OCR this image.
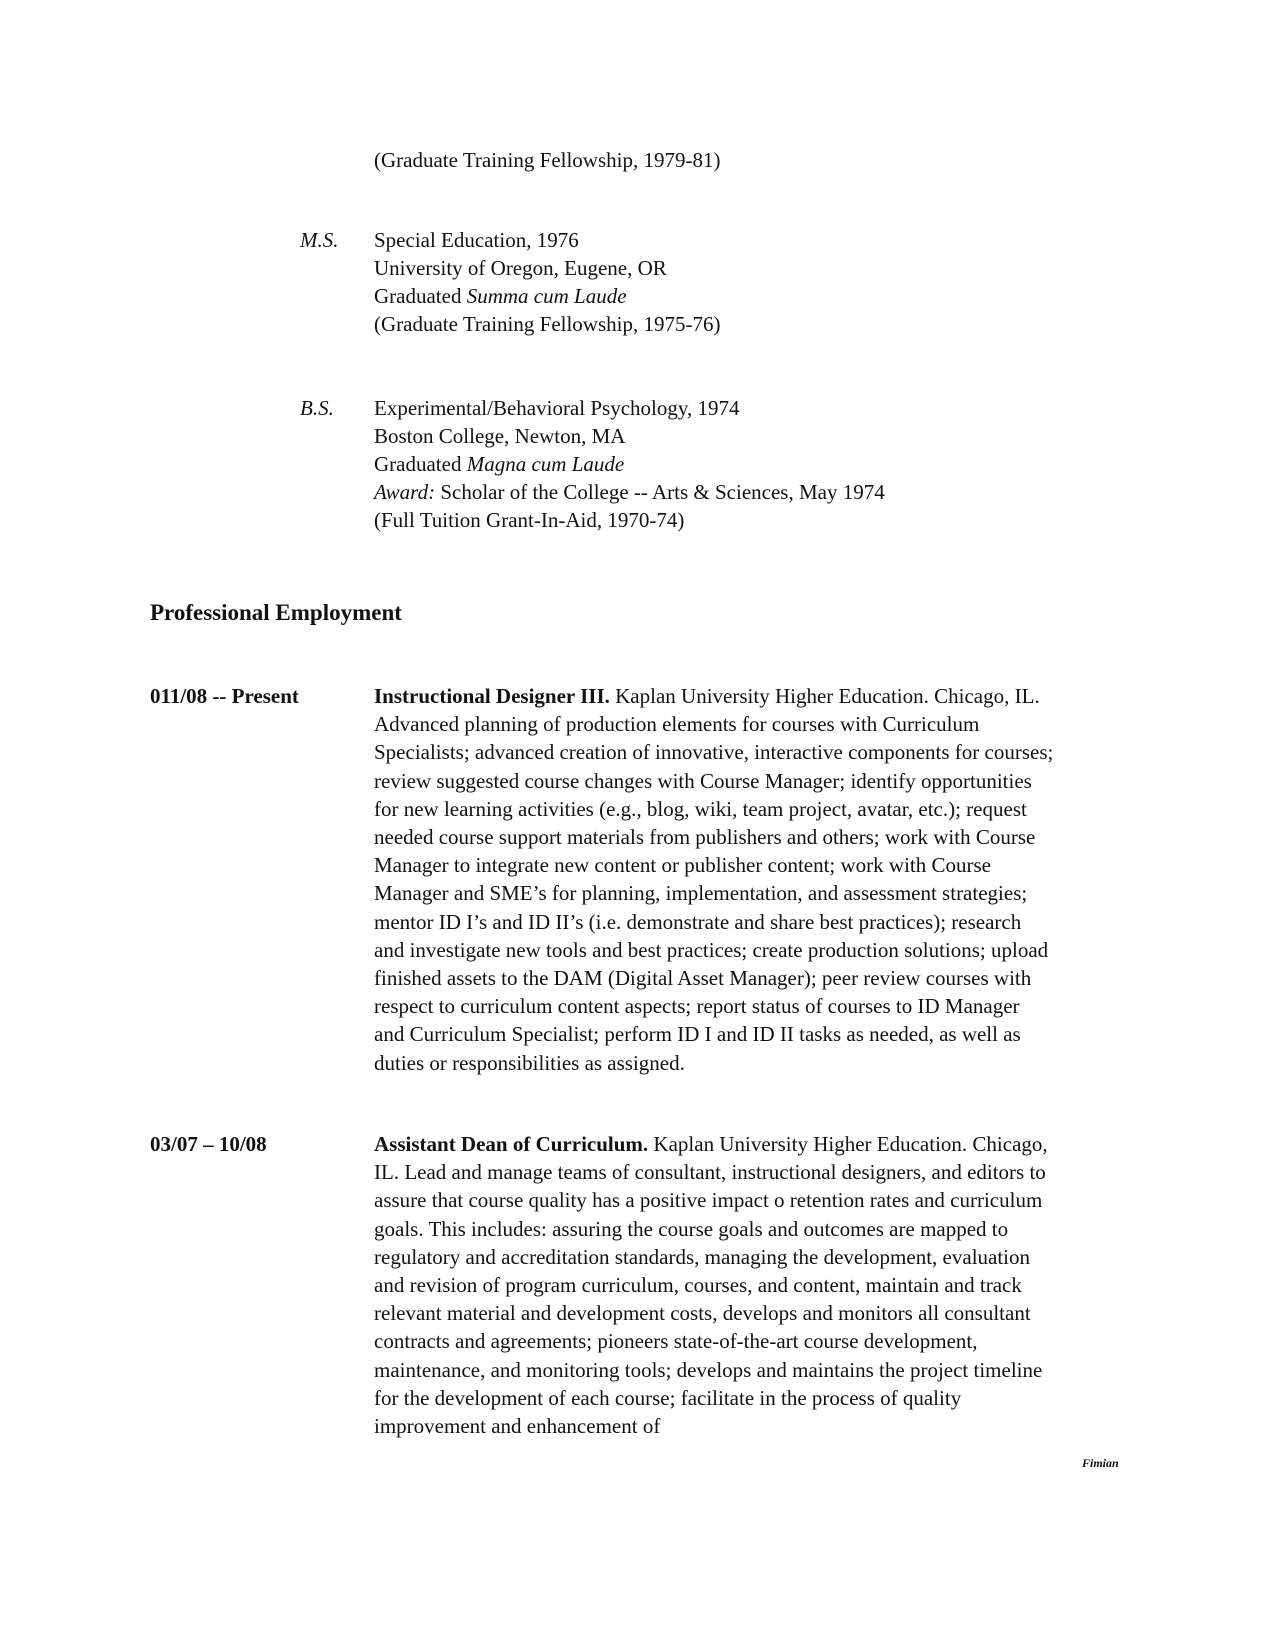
(Graduate Training Fellowship, 1979-81)
M.S. Special Education, 1976
University of Oregon, Eugene, OR
Graduated Summa cum Laude
(Graduate Training Fellowship, 1975-76)
B.S. Experimental/Behavioral Psychology, 1974
Boston College, Newton, MA
Graduated Magna cum Laude
Award: Scholar of the College -- Arts & Sciences, May 1974
(Full Tuition Grant-In-Aid, 1970-74)
Professional Employment
011/08 -- Present	Instructional Designer III. Kaplan University Higher Education. Chicago, IL. Advanced planning of production elements for courses with Curriculum Specialists; advanced creation of innovative, interactive components for courses; review suggested course changes with Course Manager; identify opportunities for new learning activities (e.g., blog, wiki, team project, avatar, etc.); request needed course support materials from publishers and others; work with Course Manager to integrate new content or publisher content; work with Course Manager and SME’s for planning, implementation, and assessment strategies; mentor ID I’s and ID II’s (i.e. demonstrate and share best practices); research and investigate new tools and best practices; create production solutions; upload finished assets to the DAM (Digital Asset Manager); peer review courses with respect to curriculum content aspects; report status of courses to ID Manager and Curriculum Specialist; perform ID I and ID II tasks as needed, as well as duties or responsibilities as assigned.
03/07 – 10/08	Assistant Dean of Curriculum. Kaplan University Higher Education. Chicago, IL. Lead and manage teams of consultant, instructional designers, and editors to assure that course quality has a positive impact o retention rates and curriculum goals. This includes: assuring the course goals and outcomes are mapped to regulatory and accreditation standards, managing the development, evaluation and revision of program curriculum, courses, and content, maintain and track relevant material and development costs, develops and monitors all consultant contracts and agreements; pioneers state-of-the-art course development, maintenance, and monitoring tools; develops and maintains the project timeline for the development of each course; facilitate in the process of quality improvement and enhancement of
Fimian
